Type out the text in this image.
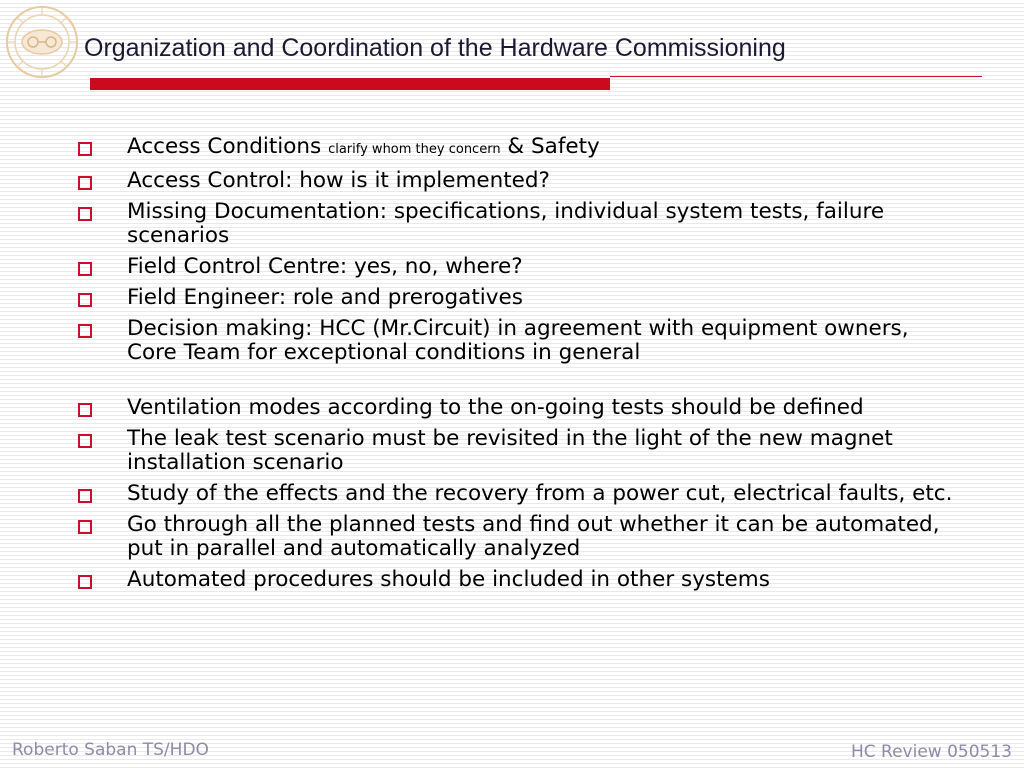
Organization and Coordination of the Hardware Commissioning
Access Conditions clarify whom they concern & Safety
Access Control: how is it implemented?
Missing Documentation: specifications, individual system tests, failure scenarios
Field Control Centre: yes, no, where?
Field Engineer: role and prerogatives
Decision making: HCC (Mr.Circuit) in agreement with equipment owners, Core Team for exceptional conditions in general
Ventilation modes according to the on-going tests should be defined
The leak test scenario must be revisited in the light of the new magnet installation scenario
Study of the effects and the recovery from a power cut, electrical faults, etc.
Go through all the planned tests and find out whether it can be automated, put in parallel and automatically analyzed
Automated procedures should be included in other systems
Roberto Saban TS/HDO	HC Review 050513
